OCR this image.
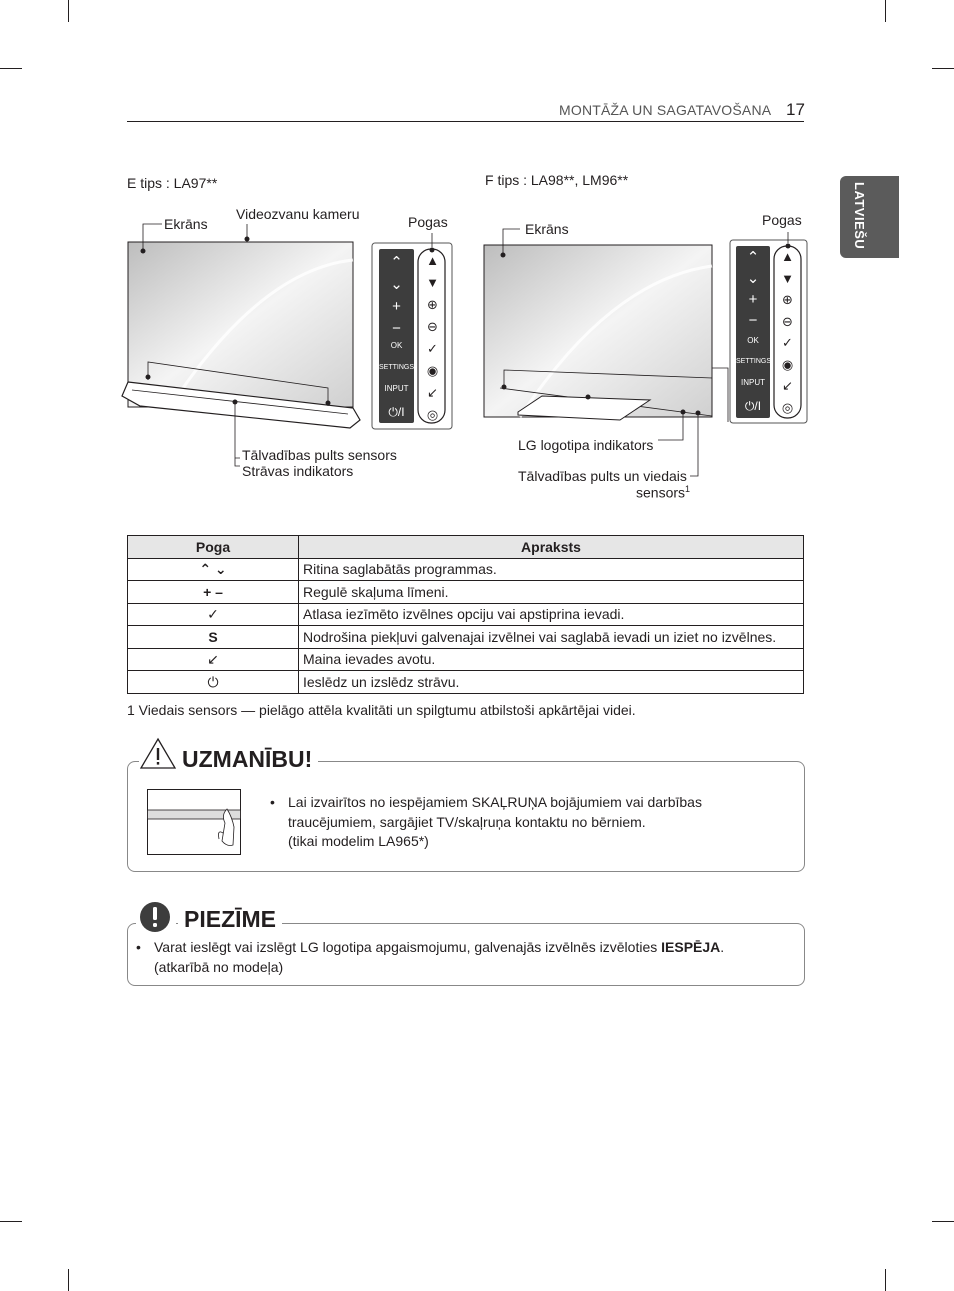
MONTĀŽA UN SAGATAVOŠANA 17
LATVIEŠU
E tips : LA97**
Ekrāns
Videozvanu kameru	Pogas
Tālvadības pults sensors
Strāvas indikators
⌃
⌄
+
−
OK
SETTINGS
INPUT
⏻/I
▲
▼
⊕
⊖
✓
◉
↙
◎
F tips : LA98**, LM96**
Ekrāns
Pogas
LG logotipa indikators
Tālvadības pults un viedais
sensors$^1$
⌃
⌄
+
−
OK
SETTINGS
INPUT
⏻/I
▲
▼
⊕
⊖
✓
◉
↙
◎
Poga	Apraksts
⌃ ⌄	Ritina saglabātās programmas.
+ –	Regulē skaļuma līmeni.
✓	Atlasa iezīmēto izvēlnes opciju vai apstiprina ievadi.
S	Nodrošina piekļuvi galvenajai izvēlnei vai saglabā ievadi un iziet no izvēlnes.
↙	Maina ievades avotu.
⏻	Ieslēdz un izslēdz strāvu.
1 Viedais sensors — pielāgo attēla kvalitāti un spilgtumu atbilstoši apkārtējai videi.
UZMANĪBU!
• Lai izvairītos no iespējamiem SKAĻRUŅA bojājumiem vai darbības
traucējumiem, sargājiet TV/skaļruņa kontaktu no bērniem.
(tikai modelim LA965*)
PIEZĪME
• Varat ieslēgt vai izslēgt LG logotipa apgaismojumu, galvenajās izvēlnēs izvēloties IESPĒJA.
(atkarībā no modeļa)
